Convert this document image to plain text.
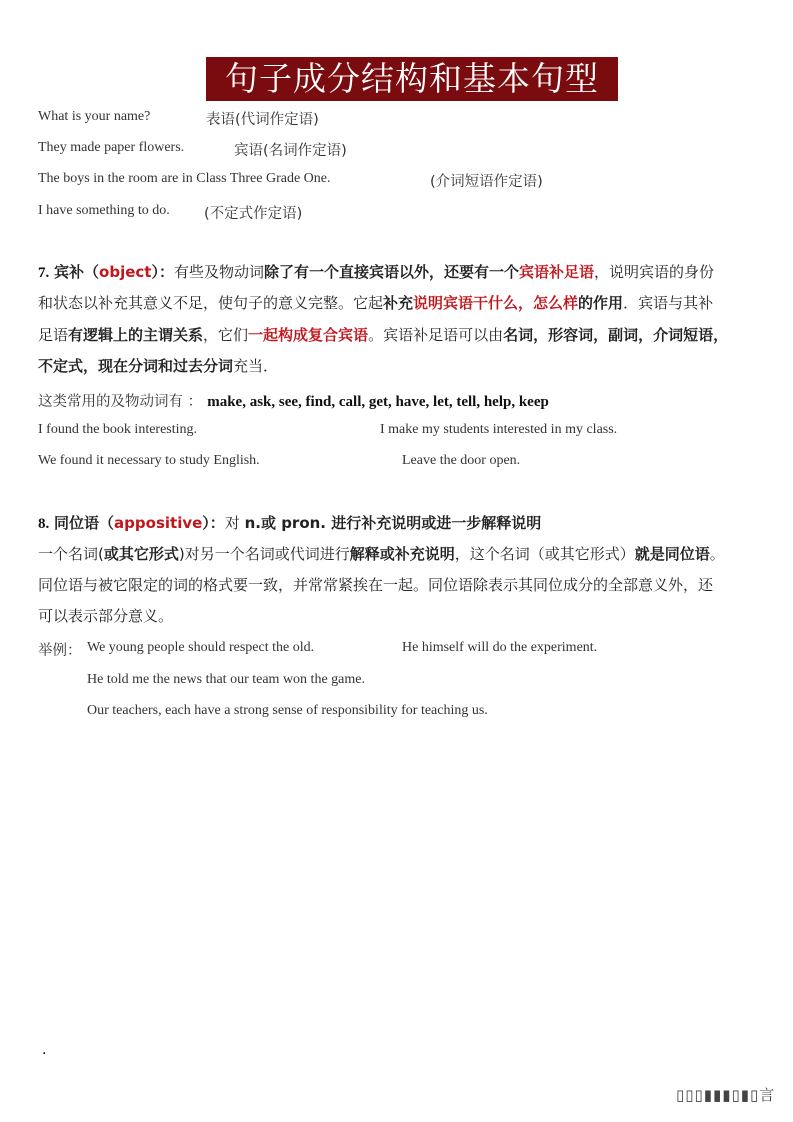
句子成分结构和基本句型
What is your name?	表语(代词作定语)
They made paper flowers.	宾语(名词作定语)
The boys in the room are in Class Three Grade One.	(介词短语作定语)
I have something to do. (不定式作定语)
7. 宾补（object）：有些及物动词除了有一个直接宾语以外，还要有一个宾语补足语，说明宾语的身份
和状态以补充其意义不足，使句子的意义完整。它起补充说明宾语干什么，怎么样的作用．宾语与其补
足语有逻辑上的主谓关系，它们一起构成复合宾语。宾语补足语可以由名词，形容词，副词，介词短语，
不定式，现在分词和过去分词充当．
这类常用的及物动词有 ： make, ask, see, find, call, get, have, let, tell, help, keep
I found the book interesting.	I make my students interested in my class.
We found it necessary to study English.	Leave the door open.
8. 同位语（appositive）：对 n.或 pron. 进行补充说明或进一步解释说明
一个名词(或其它形式)对另一个名词或代词进行解释或补充说明，这个名词（或其它形式）就是同位语。
同位语与被它限定的词的格式要一致，并常常紧挨在一起。同位语除表示其同位成分的全部意义外，还
可以表示部分意义。
举例： We young people should respect the old.	He himself will do the experiment.
He told me the news that our team won the game.
Our teachers, each have a strong sense of responsibility for teaching us.
.
▯▯▯▮▮▮▯▮▯言
